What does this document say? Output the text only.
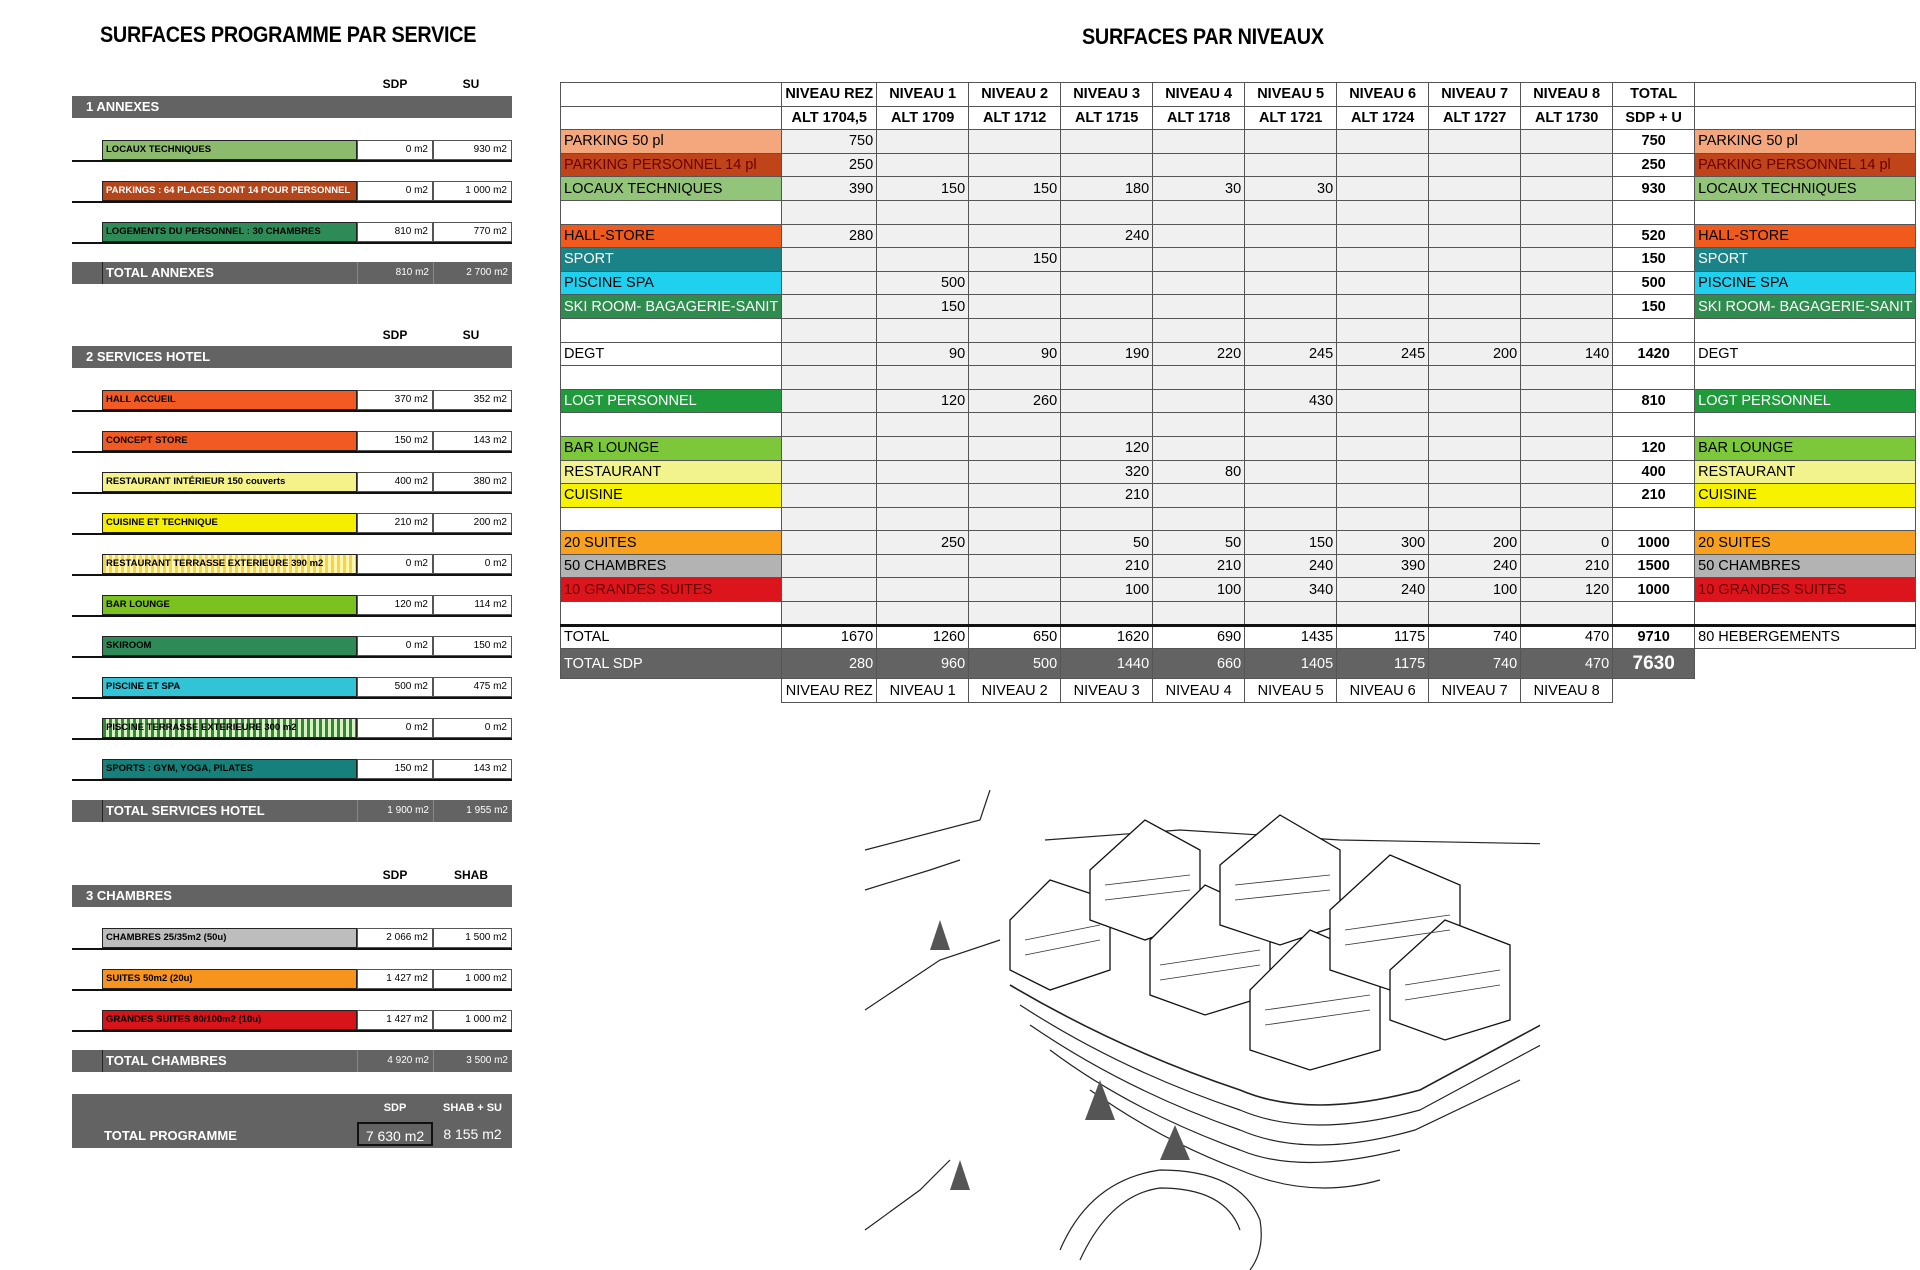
SURFACES PROGRAMME PAR SERVICE	SURFACES PAR NIVEAUX
SDP	SU
1 ANNEXES
LOCAUX TECHNIQUES	0 m2	930 m2
PARKINGS : 64 PLACES DONT 14 POUR PERSONNEL	0 m2	1 000 m2
LOGEMENTS DU PERSONNEL : 30 CHAMBRES	810 m2	770 m2
TOTAL ANNEXES	810 m2	2 700 m2
SDP	SU
2 SERVICES HOTEL
HALL ACCUEIL	370 m2	352 m2
CONCEPT STORE	150 m2	143 m2
RESTAURANT INTÉRIEUR 150 couverts	400 m2	380 m2
CUISINE ET TECHNIQUE	210 m2	200 m2
RESTAURANT TERRASSE EXTERIEURE 390 m2	0 m2	0 m2
BAR LOUNGE	120 m2	114 m2
SKIROOM	0 m2	150 m2
PISCINE ET SPA	500 m2	475 m2
PISCINE TERRASSE EXTERIEURE 300 m2	0 m2	0 m2
SPORTS : GYM, YOGA, PILATES	150 m2	143 m2
TOTAL SERVICES HOTEL	1 900 m2	1 955 m2
SDP	SHAB
3 CHAMBRES
CHAMBRES 25/35m2 (50u)	2 066 m2	1 500 m2
SUITES 50m2 (20u)	1 427 m2	1 000 m2
GRANDES SUITES 80/100m2 (10u)	1 427 m2	1 000 m2
TOTAL CHAMBRES	4 920 m2	3 500 m2
SDP	SHAB + SU
TOTAL PROGRAMME	7 630 m2	8 155 m2
	NIVEAU REZ	NIVEAU 1	NIVEAU 2	NIVEAU 3	NIVEAU 4	NIVEAU 5	NIVEAU 6	NIVEAU 7	NIVEAU 8	TOTAL	
	ALT 1704,5	ALT 1709	ALT 1712	ALT 1715	ALT 1718	ALT 1721	ALT 1724	ALT 1727	ALT 1730	SDP + U	
PARKING 50 pl	750									750	PARKING 50 pl
PARKING PERSONNEL 14 pl	250									250	PARKING PERSONNEL 14 pl
LOCAUX TECHNIQUES	390	150	150	180	30	30				930	LOCAUX TECHNIQUES

HALL-STORE	280			240						520	HALL-STORE
SPORT			150							150	SPORT
PISCINE SPA		500								500	PISCINE SPA
SKI ROOM- BAGAGERIE-SANIT		150								150	SKI ROOM- BAGAGERIE-SANIT

DEGT		90	90	190	220	245	245	200	140	1420	DEGT

LOGT PERSONNEL		120	260			430				810	LOGT PERSONNEL

BAR LOUNGE				120						120	BAR LOUNGE
RESTAURANT				320	80					400	RESTAURANT
CUISINE				210						210	CUISINE

20 SUITES		250		50	50	150	300	200	0	1000	20 SUITES
50 CHAMBRES				210	210	240	390	240	210	1500	50 CHAMBRES
10 GRANDES SUITES				100	100	340	240	100	120	1000	10 GRANDES SUITES

TOTAL	1670	1260	650	1620	690	1435	1175	740	470	9710	80 HEBERGEMENTS
TOTAL SDP	280	960	500	1440	660	1405	1175	740	470	7630	
	NIVEAU REZ	NIVEAU 1	NIVEAU 2	NIVEAU 3	NIVEAU 4	NIVEAU 5	NIVEAU 6	NIVEAU 7	NIVEAU 8		
